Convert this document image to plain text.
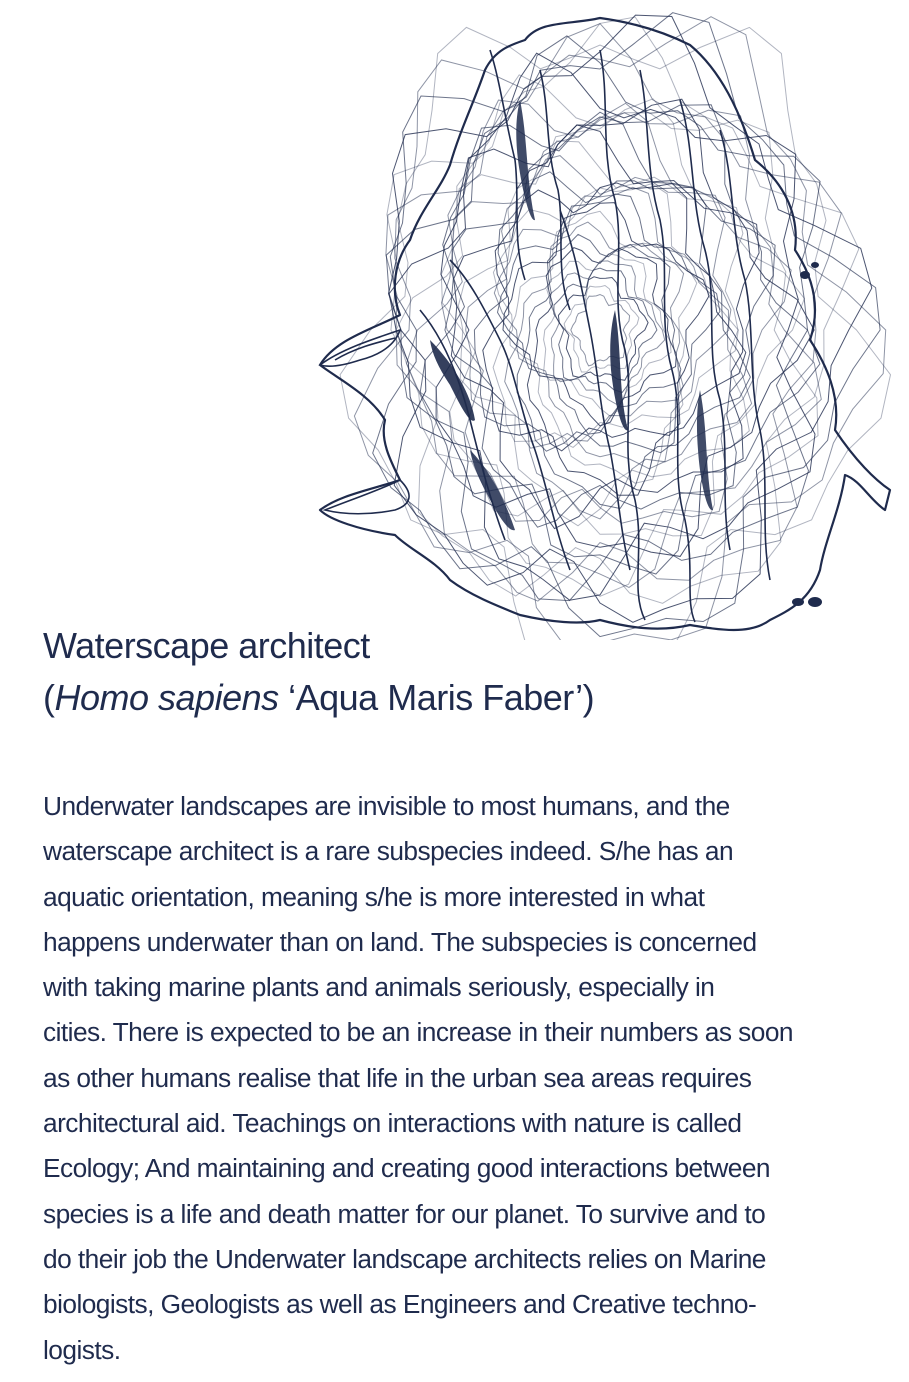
Waterscape architect
(Homo sapiens ‘Aqua Maris Faber’)

Underwater landscapes are invisible to most humans, and the
waterscape architect is a rare subspecies indeed. S/he has an
aquatic orientation, meaning s/he is more interested in what
happens underwater than on land. The subspecies is concerned
with taking marine plants and animals seriously, especially in
cities. There is expected to be an increase in their numbers as soon
as other humans realise that life in the urban sea areas requires
architectural aid. Teachings on interactions with nature is called
Ecology; And maintaining and creating good interactions between
species is a life and death matter for our planet. To survive and to
do their job the Underwater landscape architects relies on Marine
biologists, Geologists as well as Engineers and Creative techno-
logists.
